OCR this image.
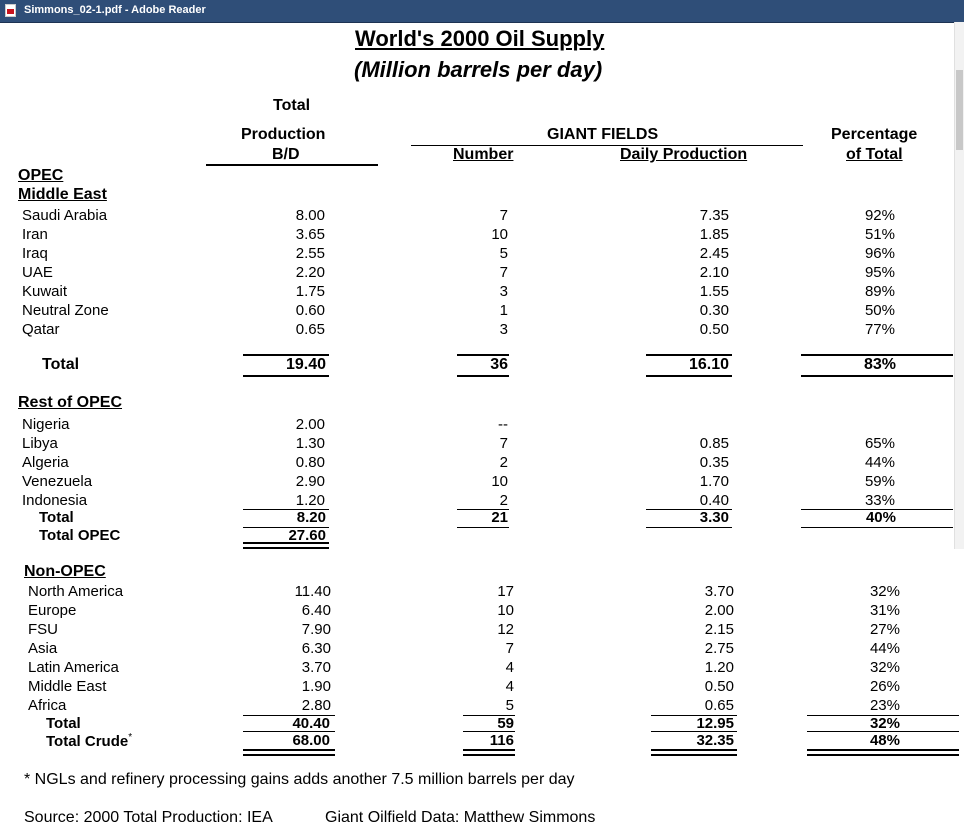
Simmons_02-1.pdf - Adobe Reader
World's 2000 Oil Supply
(Million barrels per day)
Total
Production
B/D
GIANT FIELDS
Number	Daily Production
Percentage
of Total
OPEC
Middle East
Saudi Arabia	8.00	7	7.35	92%
Iran	3.65	10	1.85	51%
Iraq	2.55	5	2.45	96%
UAE	2.20	7	2.10	95%
Kuwait	1.75	3	1.55	89%
Neutral Zone	0.60	1	0.30	50%
Qatar	0.65	3	0.50	77%
Total	19.40	36	16.10	83%
Rest of OPEC
Nigeria	2.00	--
Libya	1.30	7	0.85	65%
Algeria	0.80	2	0.35	44%
Venezuela	2.90	10	1.70	59%
Indonesia	1.20	2	0.40	33%
Total	8.20	21	3.30	40%
Total OPEC	27.60
Non-OPEC
North America	11.40	17	3.70	32%
Europe	6.40	10	2.00	31%
FSU	7.90	12	2.15	27%
Asia	6.30	7	2.75	44%
Latin America	3.70	4	1.20	32%
Middle East	1.90	4	0.50	26%
Africa	2.80	5	0.65	23%
Total	40.40	59	12.95	32%
Total Crude*	68.00	116	32.35	48%
* NGLs and refinery processing gains adds another 7.5 million barrels per day
Source: 2000 Total Production: IEA	Giant Oilfield Data: Matthew Simmons
